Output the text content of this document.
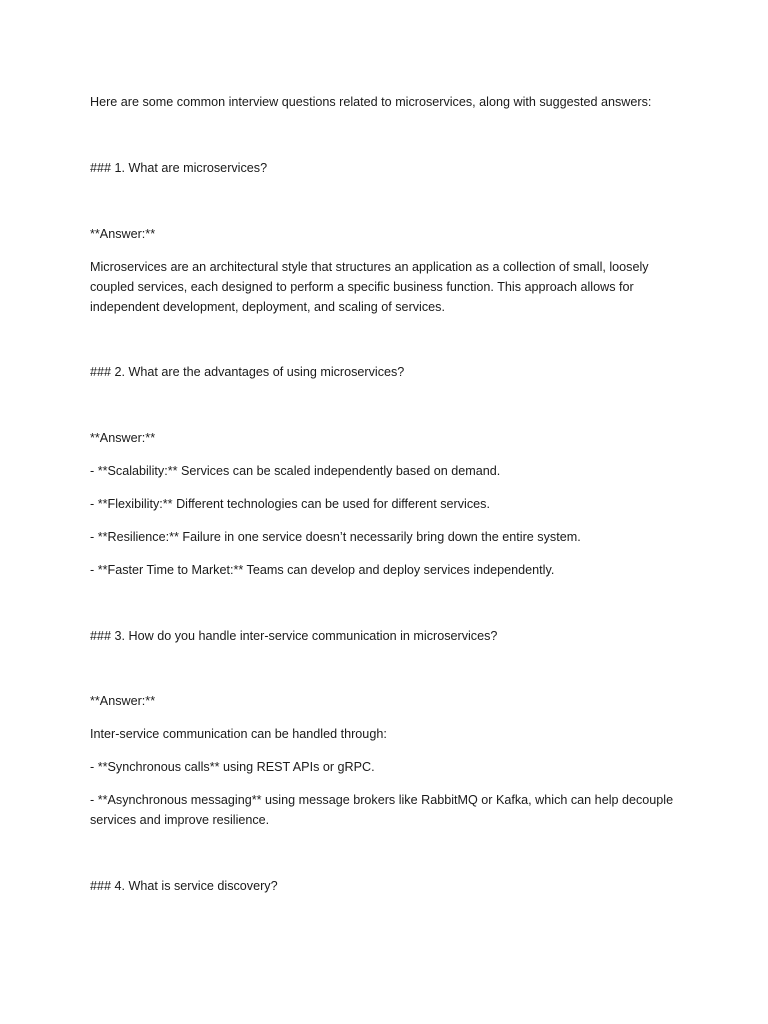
Here are some common interview questions related to microservices, along with suggested answers:

### 1. What are microservices?

**Answer:**

Microservices are an architectural style that structures an application as a collection of small, loosely coupled services, each designed to perform a specific business function. This approach allows for independent development, deployment, and scaling of services.

### 2. What are the advantages of using microservices?

**Answer:**

- **Scalability:** Services can be scaled independently based on demand.

- **Flexibility:** Different technologies can be used for different services.

- **Resilience:** Failure in one service doesn’t necessarily bring down the entire system.

- **Faster Time to Market:** Teams can develop and deploy services independently.

### 3. How do you handle inter-service communication in microservices?

**Answer:**

Inter-service communication can be handled through:

- **Synchronous calls** using REST APIs or gRPC.

- **Asynchronous messaging** using message brokers like RabbitMQ or Kafka, which can help decouple services and improve resilience.

### 4. What is service discovery?
